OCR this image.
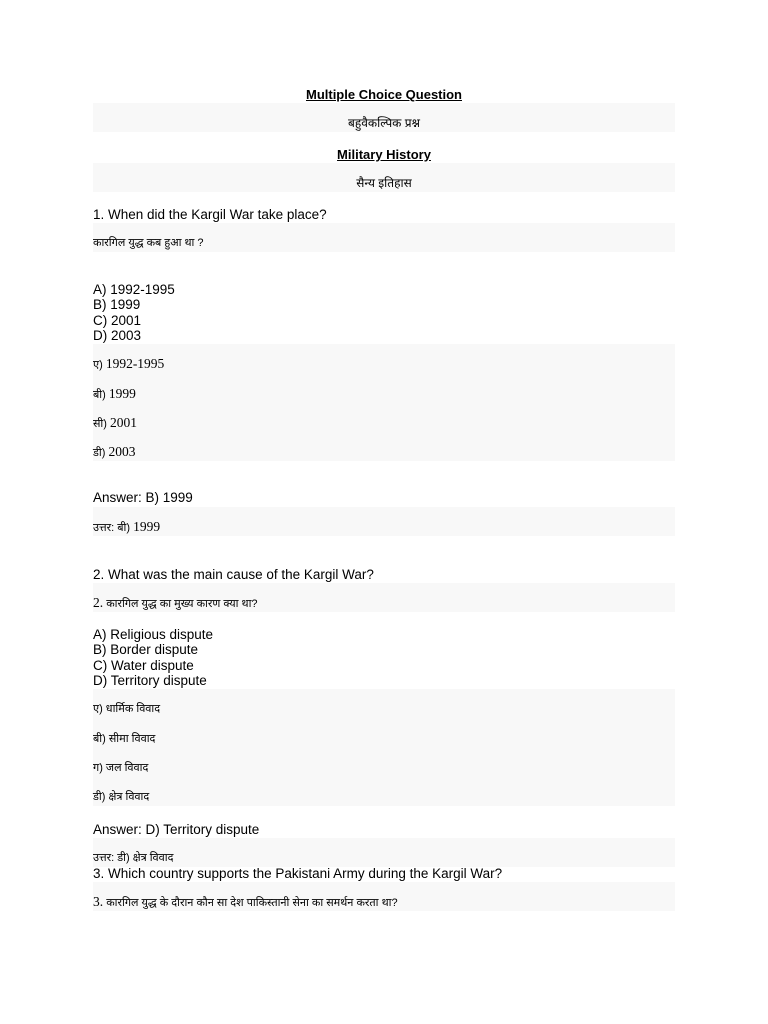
Multiple Choice Question
बहुवैकल्पिक प्रश्न
Military History
सैन्य इतिहास
1. When did the Kargil War take place?
कारगिल युद्ध कब हुआ था ?
A) 1992-1995
B) 1999
C) 2001
D) 2003
ए) 1992-1995
बी) 1999
सी) 2001
डी) 2003
Answer: B) 1999
उत्तर: बी) 1999
2. What was the main cause of the Kargil War?
2. कारगिल युद्ध का मुख्य कारण क्या था?
A) Religious dispute
B) Border dispute
C) Water dispute
D) Territory dispute
ए) धार्मिक विवाद
बी) सीमा विवाद
ग) जल विवाद
डी) क्षेत्र विवाद
Answer: D) Territory dispute
उत्तर: डी) क्षेत्र विवाद
3. Which country supports the Pakistani Army during the Kargil War?
3. कारगिल युद्ध के दौरान कौन सा देश पाकिस्तानी सेना का समर्थन करता था?
